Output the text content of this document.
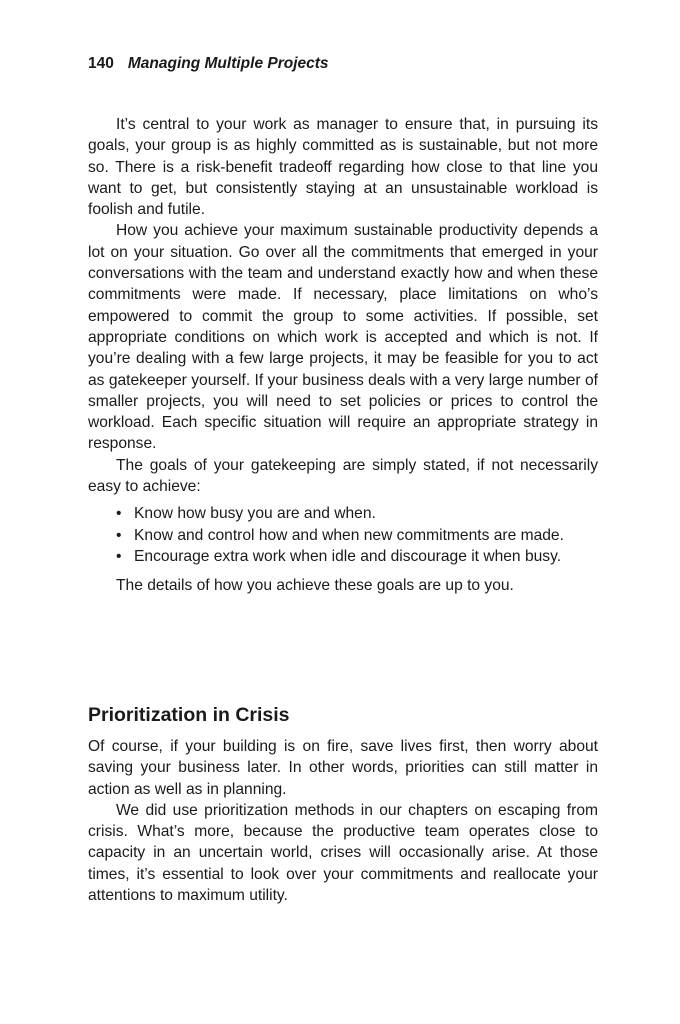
140 Managing Multiple Projects

It’s central to your work as manager to ensure that, in pursuing its goals, your group is as highly committed as is sustainable, but not more so. There is a risk-benefit tradeoff regarding how close to that line you want to get, but consistently staying at an unsustainable workload is foolish and futile.

How you achieve your maximum sustainable productivity depends a lot on your situation. Go over all the commitments that emerged in your conversations with the team and understand exactly how and when these commitments were made. If necessary, place limitations on who’s empowered to commit the group to some activities. If possible, set appropriate conditions on which work is accepted and which is not. If you’re dealing with a few large projects, it may be feasible for you to act as gatekeeper yourself. If your business deals with a very large number of smaller projects, you will need to set policies or prices to control the workload. Each specific situation will require an appropriate strategy in response.

The goals of your gatekeeping are simply stated, if not necessarily easy to achieve:

• Know how busy you are and when.
• Know and control how and when new commitments are made.
• Encourage extra work when idle and discourage it when busy.

The details of how you achieve these goals are up to you.

Prioritization in Crisis

Of course, if your building is on fire, save lives first, then worry about saving your business later. In other words, priorities can still matter in action as well as in planning.

We did use prioritization methods in our chapters on escaping from crisis. What’s more, because the productive team operates close to capacity in an uncertain world, crises will occasionally arise. At those times, it’s essential to look over your commitments and reallocate your attentions to maximum utility.
